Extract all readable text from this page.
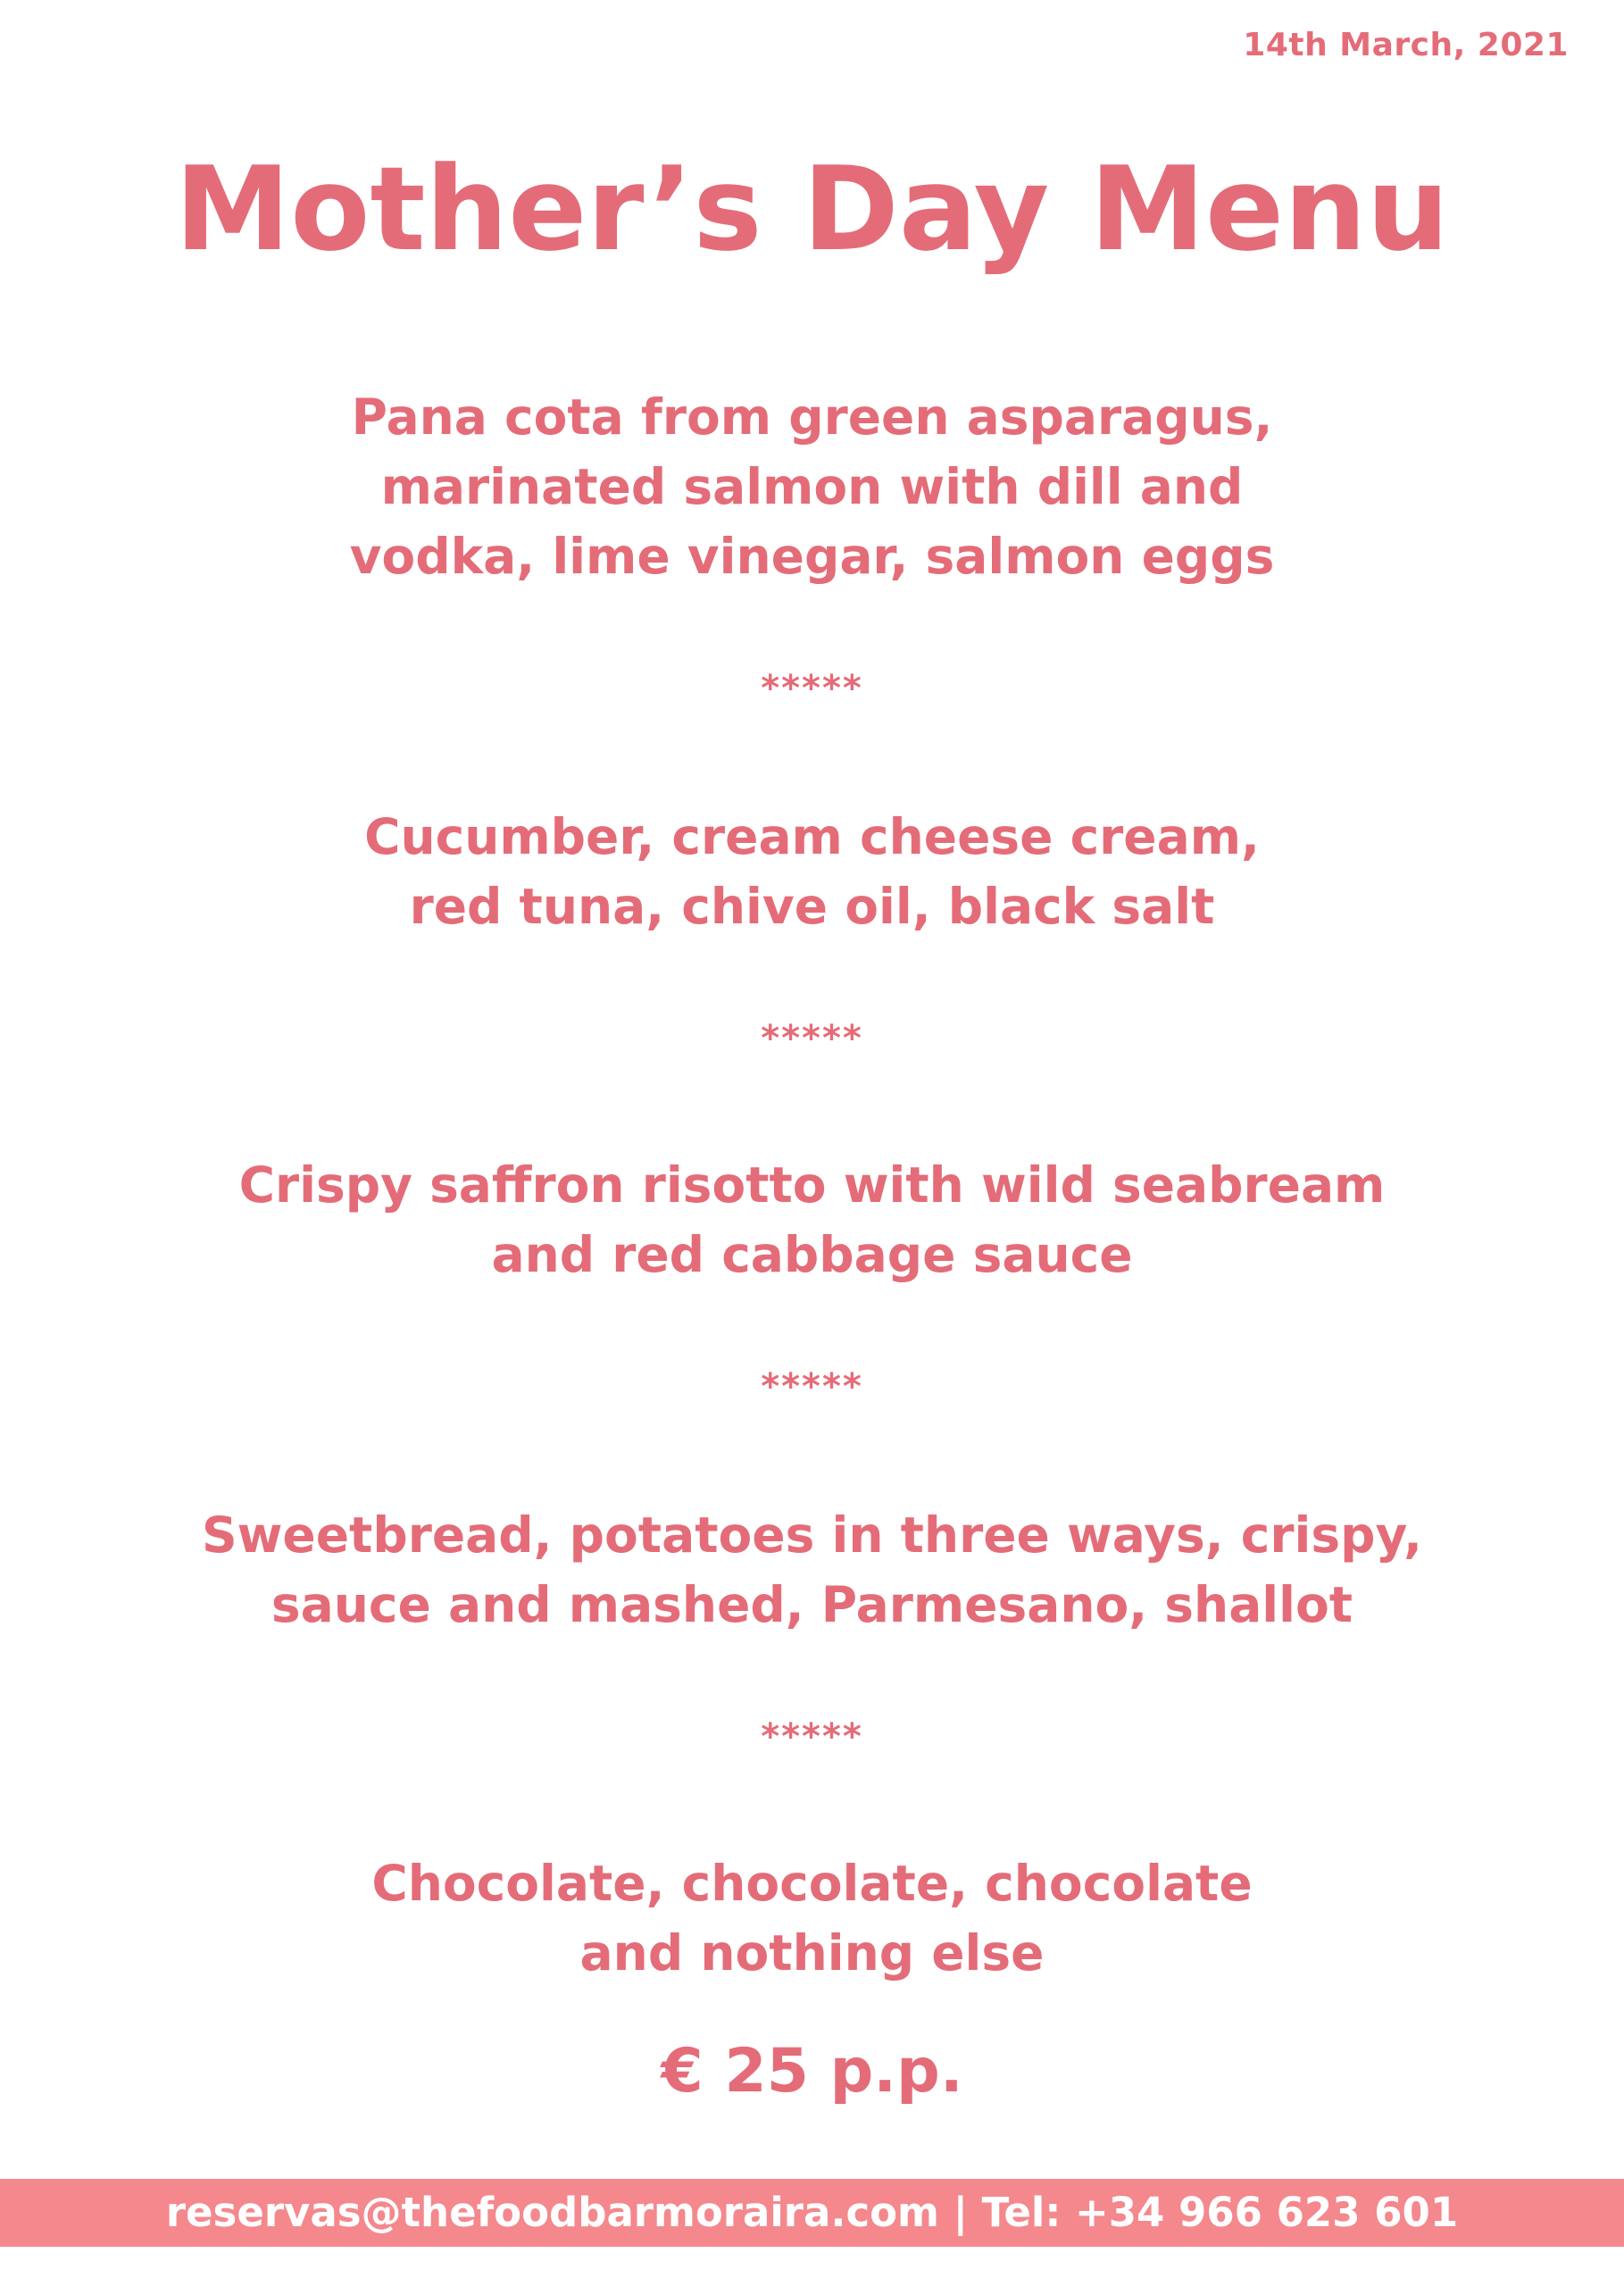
14th March, 2021
Mother’s Day Menu
Pana cota from green asparagus,
marinated salmon with dill and
vodka, lime vinegar, salmon eggs
*****
Cucumber, cream cheese cream,
red tuna, chive oil, black salt
*****
Crispy saffron risotto with wild seabream
and red cabbage sauce
*****
Sweetbread, potatoes in three ways, crispy,
sauce and mashed, Parmesano, shallot
*****
Chocolate, chocolate, chocolate
and nothing else
€ 25 p.p.
reservas@thefoodbarmoraira.com | Tel: +34 966 623 601
